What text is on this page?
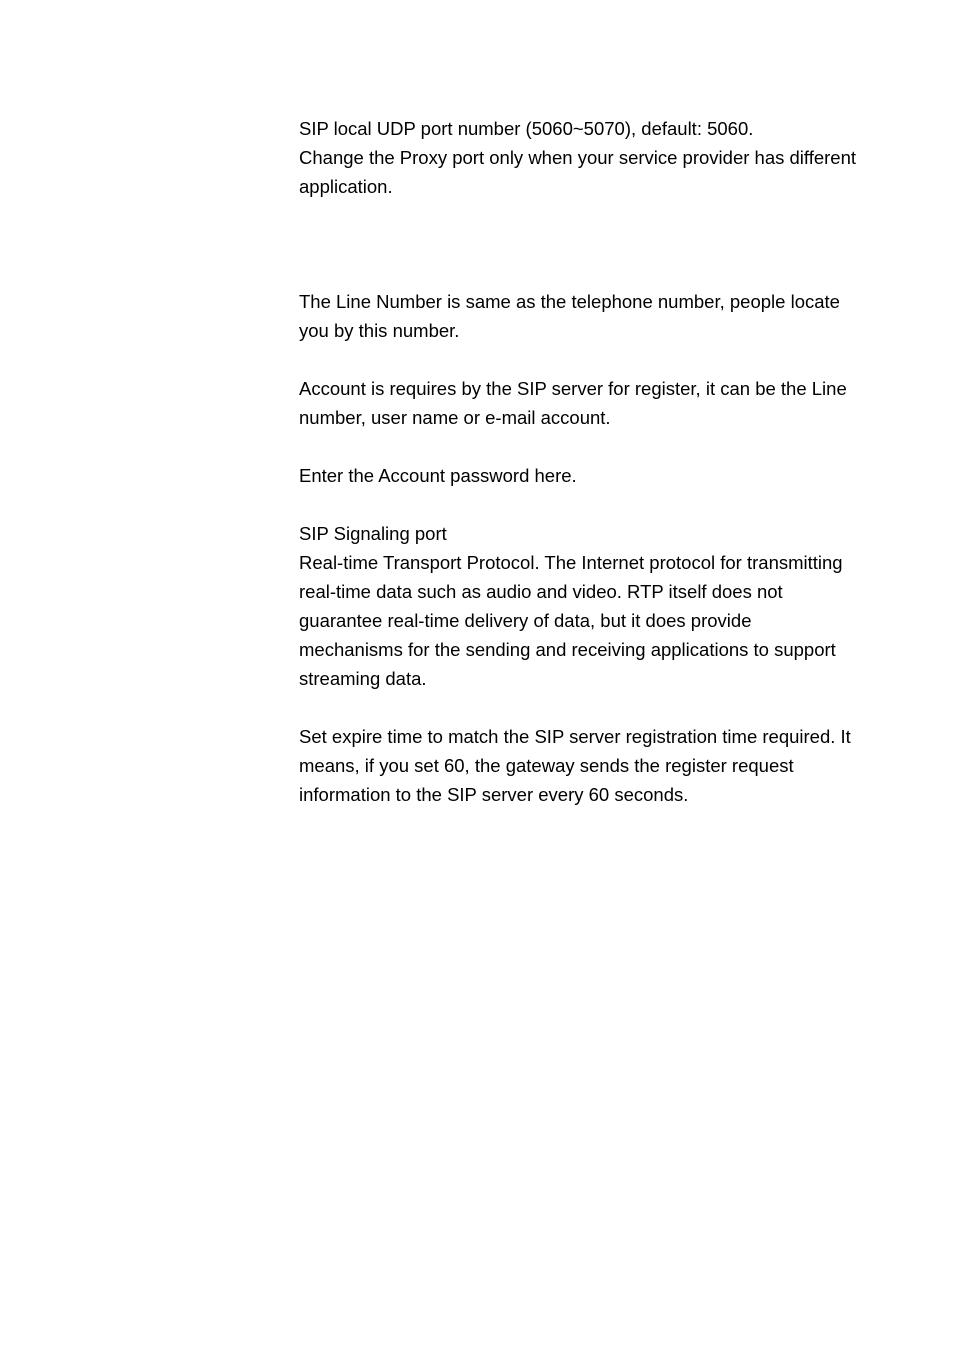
SIP local UDP port number (5060~5070), default: 5060.

Change the Proxy port only when your service provider has different application.

The Line Number is same as the telephone number, people locate you by this number.

Account is requires by the SIP server for register, it can be the Line number, user name or e-mail account.

Enter the Account password here.

SIP Signaling port

Real-time Transport Protocol. The Internet protocol for transmitting real-time data such as audio and video. RTP itself does not guarantee real-time delivery of data, but it does provide mechanisms for the sending and receiving applications to support streaming data.

Set expire time to match the SIP server registration time required. It means, if you set 60, the gateway sends the register request information to the SIP server every 60 seconds.
